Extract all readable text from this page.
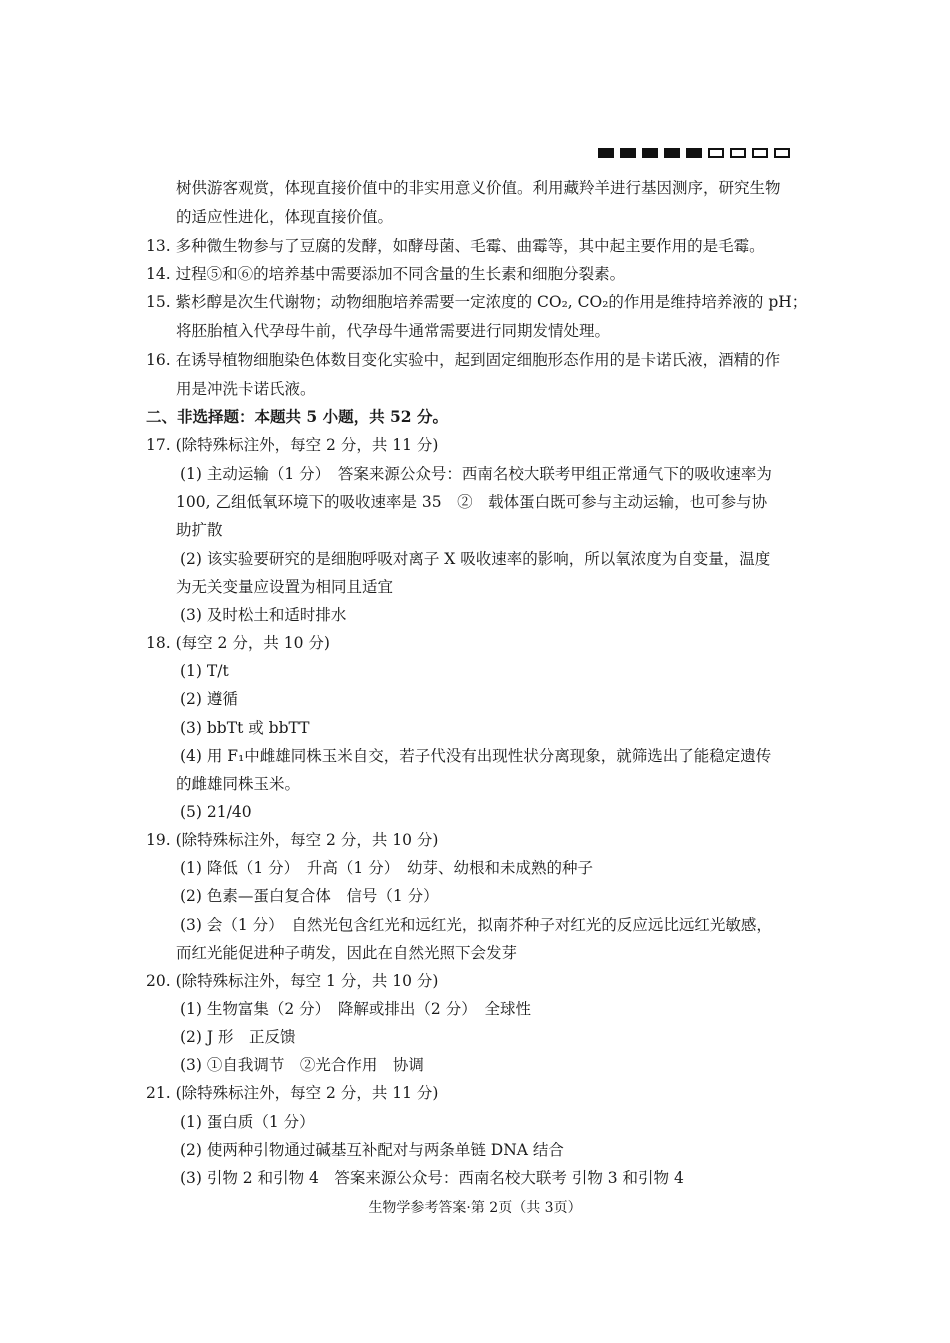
树供游客观赏，体现直接价值中的非实用意义价值。利用藏羚羊进行基因测序，研究生物
的适应性进化，体现直接价值。
13. 多种微生物参与了豆腐的发酵，如酵母菌、毛霉、曲霉等，其中起主要作用的是毛霉。
14. 过程⑤和⑥的培养基中需要添加不同含量的生长素和细胞分裂素。
15. 紫杉醇是次生代谢物；动物细胞培养需要一定浓度的 CO₂, CO₂的作用是维持培养液的 pH；
将胚胎植入代孕母牛前，代孕母牛通常需要进行同期发情处理。
16. 在诱导植物细胞染色体数目变化实验中，起到固定细胞形态作用的是卡诺氏液，酒精的作
用是冲洗卡诺氏液。
二、非选择题：本题共 5 小题，共 52 分。
17. (除特殊标注外，每空 2 分，共 11 分)
(1) 主动运输（1 分）　答案来源公众号：西南名校大联考甲组正常通气下的吸收速率为
100, 乙组低氧环境下的吸收速率是 35　②　载体蛋白既可参与主动运输，也可参与协
助扩散
(2) 该实验要研究的是细胞呼吸对离子 X 吸收速率的影响，所以氧浓度为自变量，温度
为无关变量应设置为相同且适宜
(3) 及时松土和适时排水
18. (每空 2 分，共 10 分)
(1) T/t
(2) 遵循
(3) bbTt 或 bbTT
(4) 用 F₁中雌雄同株玉米自交，若子代没有出现性状分离现象，就筛选出了能稳定遗传
的雌雄同株玉米。
(5) 21/40
19. (除特殊标注外，每空 2 分，共 10 分)
(1) 降低（1 分）　升高（1 分）　幼芽、幼根和未成熟的种子
(2) 色素—蛋白复合体　信号（1 分）
(3) 会（1 分）　自然光包含红光和远红光，拟南芥种子对红光的反应远比远红光敏感，
而红光能促进种子萌发，因此在自然光照下会发芽
20. (除特殊标注外，每空 1 分，共 10 分)
(1) 生物富集（2 分）　降解或排出（2 分）　全球性
(2) J 形　正反馈
(3) ①自我调节　②光合作用　协调
21. (除特殊标注外，每空 2 分，共 11 分)
(1) 蛋白质（1 分）
(2) 使两种引物通过碱基互补配对与两条单链 DNA 结合
(3) 引物 2 和引物 4　答案来源公众号：西南名校大联考 引物 3 和引物 4
生物学参考答案·第 2页（共 3页）
